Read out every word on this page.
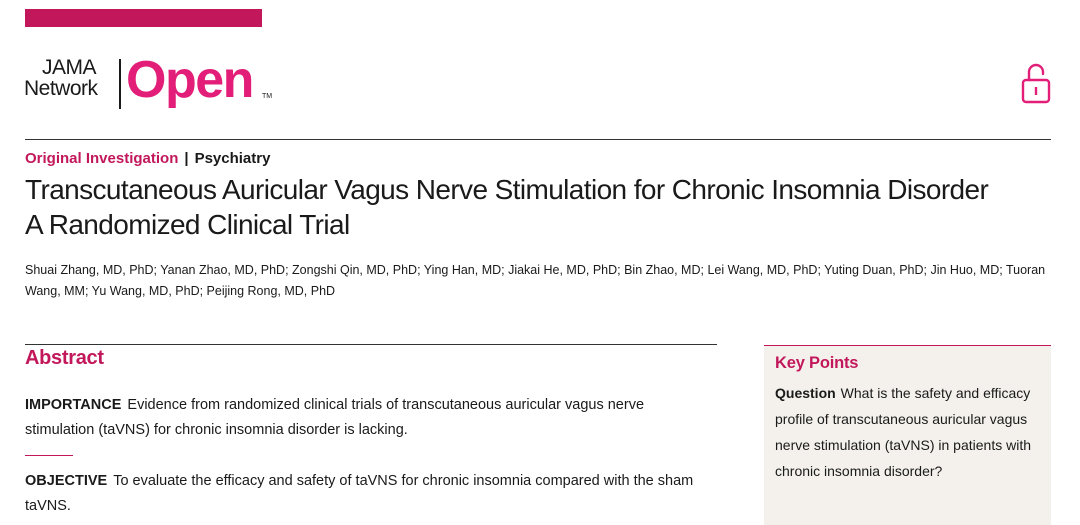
JAMA
Network Open TM
Original Investigation | Psychiatry
Transcutaneous Auricular Vagus Nerve Stimulation for Chronic Insomnia Disorder
A Randomized Clinical Trial
Shuai Zhang, MD, PhD; Yanan Zhao, MD, PhD; Zongshi Qin, MD, PhD; Ying Han, MD; Jiakai He, MD, PhD; Bin Zhao, MD; Lei Wang, MD, PhD; Yuting Duan, PhD; Jin Huo, MD; Tuoran Wang, MM; Yu Wang, MD, PhD; Peijing Rong, MD, PhD
Abstract
IMPORTANCE Evidence from randomized clinical trials of transcutaneous auricular vagus nerve stimulation (taVNS) for chronic insomnia disorder is lacking.
OBJECTIVE To evaluate the efficacy and safety of taVNS for chronic insomnia compared with the sham taVNS.
Key Points
Question What is the safety and efficacy profile of transcutaneous auricular vagus nerve stimulation (taVNS) in patients with chronic insomnia disorder?
